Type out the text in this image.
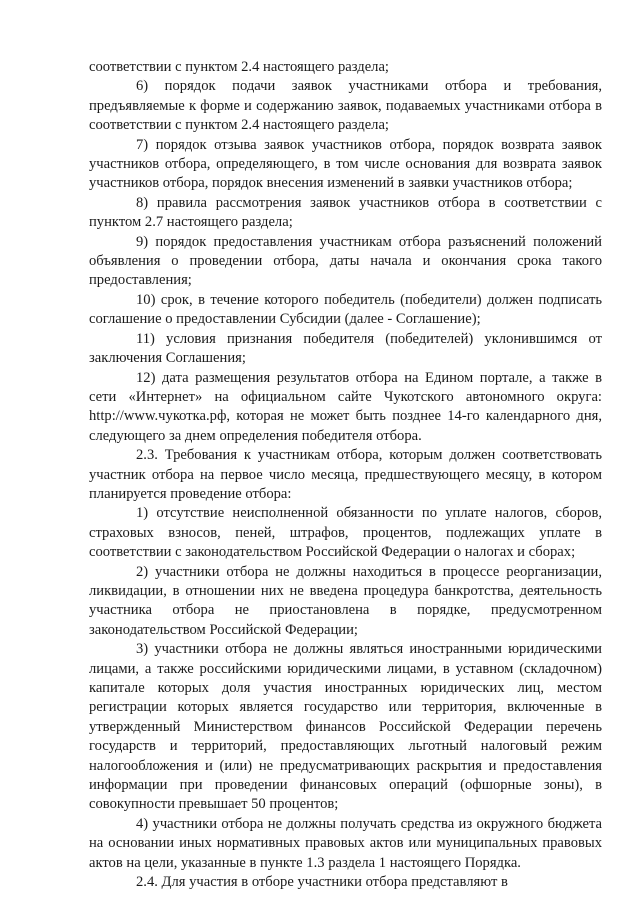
соответствии с пунктом 2.4 настоящего раздела;

6) порядок подачи заявок участниками отбора и требования, предъявляемые к форме и содержанию заявок, подаваемых участниками отбора в соответствии с пунктом 2.4 настоящего раздела;

7) порядок отзыва заявок участников отбора, порядок возврата заявок участников отбора, определяющего, в том числе основания для возврата заявок участников отбора, порядок внесения изменений в заявки участников отбора;

8) правила рассмотрения заявок участников отбора в соответствии с пунктом 2.7 настоящего раздела;

9) порядок предоставления участникам отбора разъяснений положений объявления о проведении отбора, даты начала и окончания срока такого предоставления;

10) срок, в течение которого победитель (победители) должен подписать соглашение о предоставлении Субсидии (далее - Соглашение);

11) условия признания победителя (победителей) уклонившимся от заключения Соглашения;

12) дата размещения результатов отбора на Едином портале, а также в сети «Интернет» на официальном сайте Чукотского автономного округа: http://www.чукотка.рф, которая не может быть позднее 14-го календарного дня, следующего за днем определения победителя отбора.

2.3. Требования к участникам отбора, которым должен соответствовать участник отбора на первое число месяца, предшествующего месяцу, в котором планируется проведение отбора:

1) отсутствие неисполненной обязанности по уплате налогов, сборов, страховых взносов, пеней, штрафов, процентов, подлежащих уплате в соответствии с законодательством Российской Федерации о налогах и сборах;

2) участники отбора не должны находиться в процессе реорганизации, ликвидации, в отношении них не введена процедура банкротства, деятельность участника отбора не приостановлена в порядке, предусмотренном законодательством Российской Федерации;

3) участники отбора не должны являться иностранными юридическими лицами, а также российскими юридическими лицами, в уставном (складочном) капитале которых доля участия иностранных юридических лиц, местом регистрации которых является государство или территория, включенные в утвержденный Министерством финансов Российской Федерации перечень государств и территорий, предоставляющих льготный налоговый режим налогообложения и (или) не предусматривающих раскрытия и предоставления информации при проведении финансовых операций (офшорные зоны), в совокупности превышает 50 процентов;

4) участники отбора не должны получать средства из окружного бюджета на основании иных нормативных правовых актов или муниципальных правовых актов на цели, указанные в пункте 1.3 раздела 1 настоящего Порядка.

2.4. Для участия в отборе участники отбора представляют в
